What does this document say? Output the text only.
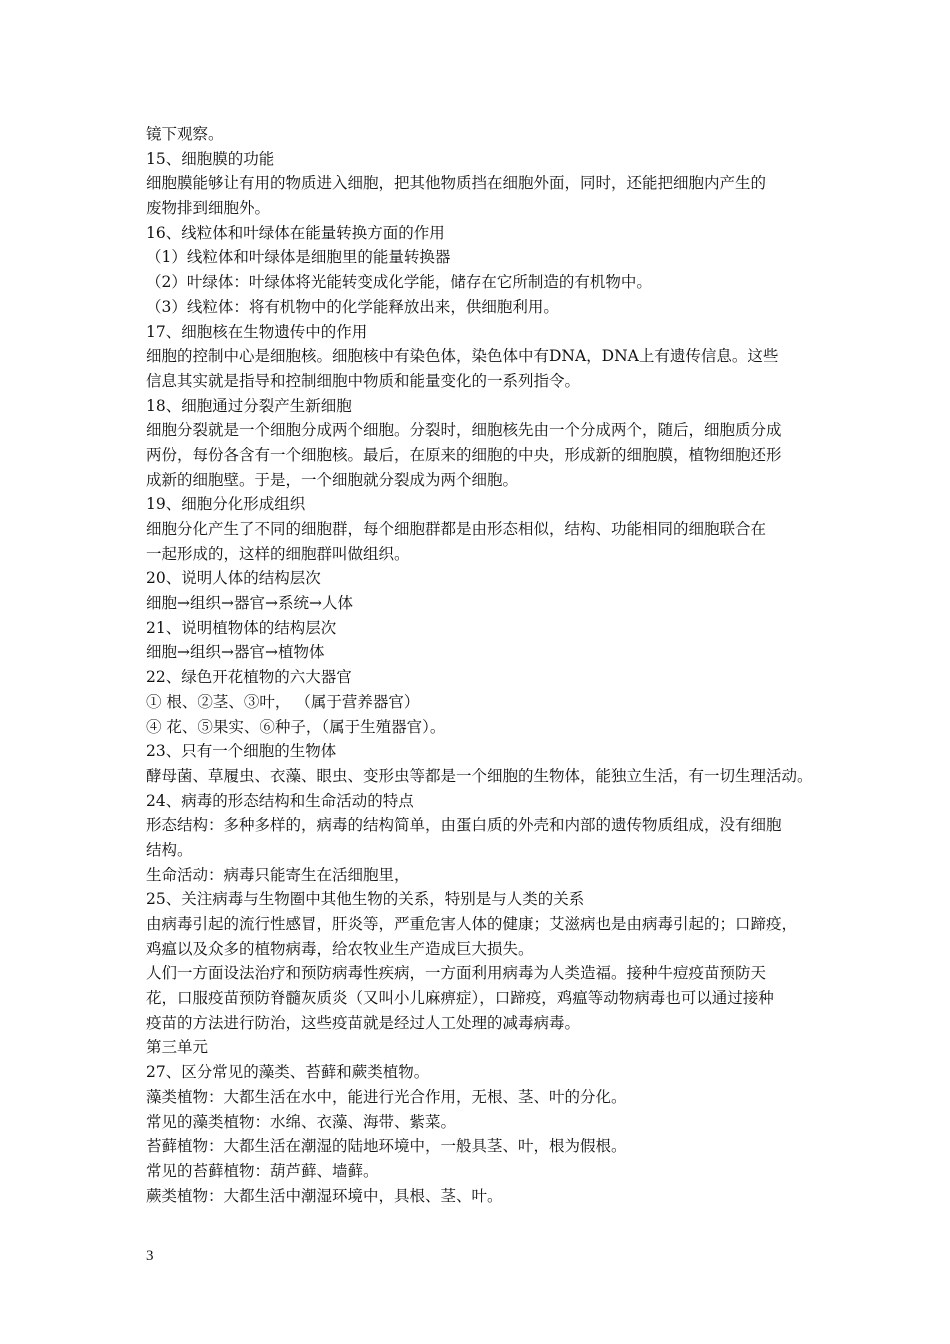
镜下观察。
15、细胞膜的功能
细胞膜能够让有用的物质进入细胞，把其他物质挡在细胞外面，同时，还能把细胞内产生的
废物排到细胞外。
16、线粒体和叶绿体在能量转换方面的作用
（1）线粒体和叶绿体是细胞里的能量转换器
（2）叶绿体：叶绿体将光能转变成化学能，储存在它所制造的有机物中。
（3）线粒体：将有机物中的化学能释放出来，供细胞利用。
17、细胞核在生物遗传中的作用
细胞的控制中心是细胞核。细胞核中有染色体，染色体中有DNA，DNA上有遗传信息。这些
信息其实就是指导和控制细胞中物质和能量变化的一系列指令。
18、细胞通过分裂产生新细胞
细胞分裂就是一个细胞分成两个细胞。分裂时，细胞核先由一个分成两个，随后，细胞质分成
两份，每份各含有一个细胞核。最后，在原来的细胞的中央，形成新的细胞膜，植物细胞还形
成新的细胞壁。于是，一个细胞就分裂成为两个细胞。
19、细胞分化形成组织
细胞分化产生了不同的细胞群，每个细胞群都是由形态相似，结构、功能相同的细胞联合在
一起形成的，这样的细胞群叫做组织。
20、说明人体的结构层次
细胞→组织→器官→系统→人体
21、说明植物体的结构层次
细胞→组织→器官→植物体
22、绿色开花植物的六大器官
① 根、②茎、③叶， （属于营养器官）
④ 花、⑤果实、⑥种子，（属于生殖器官）。
23、只有一个细胞的生物体
酵母菌、草履虫、衣藻、眼虫、变形虫等都是一个细胞的生物体，能独立生活，有一切生理活动。
24、病毒的形态结构和生命活动的特点
形态结构：多种多样的，病毒的结构简单，由蛋白质的外壳和内部的遗传物质组成，没有细胞
结构。
生命活动：病毒只能寄生在活细胞里，
25、关注病毒与生物圈中其他生物的关系，特别是与人类的关系
由病毒引起的流行性感冒，肝炎等，严重危害人体的健康；艾滋病也是由病毒引起的；口蹄疫，
鸡瘟以及众多的植物病毒，给农牧业生产造成巨大损失。
人们一方面设法治疗和预防病毒性疾病，一方面利用病毒为人类造福。接种牛痘疫苗预防天
花，口服疫苗预防脊髓灰质炎（又叫小儿麻痹症），口蹄疫，鸡瘟等动物病毒也可以通过接种
疫苗的方法进行防治，这些疫苗就是经过人工处理的减毒病毒。
第三单元
27、区分常见的藻类、苔藓和蕨类植物。
藻类植物：大都生活在水中，能进行光合作用，无根、茎、叶的分化。
常见的藻类植物：水绵、衣藻、海带、紫菜。
苔藓植物：大都生活在潮湿的陆地环境中，一般具茎、叶，根为假根。
常见的苔藓植物：葫芦藓、墙藓。
蕨类植物：大都生活中潮湿环境中，具根、茎、叶。
3
